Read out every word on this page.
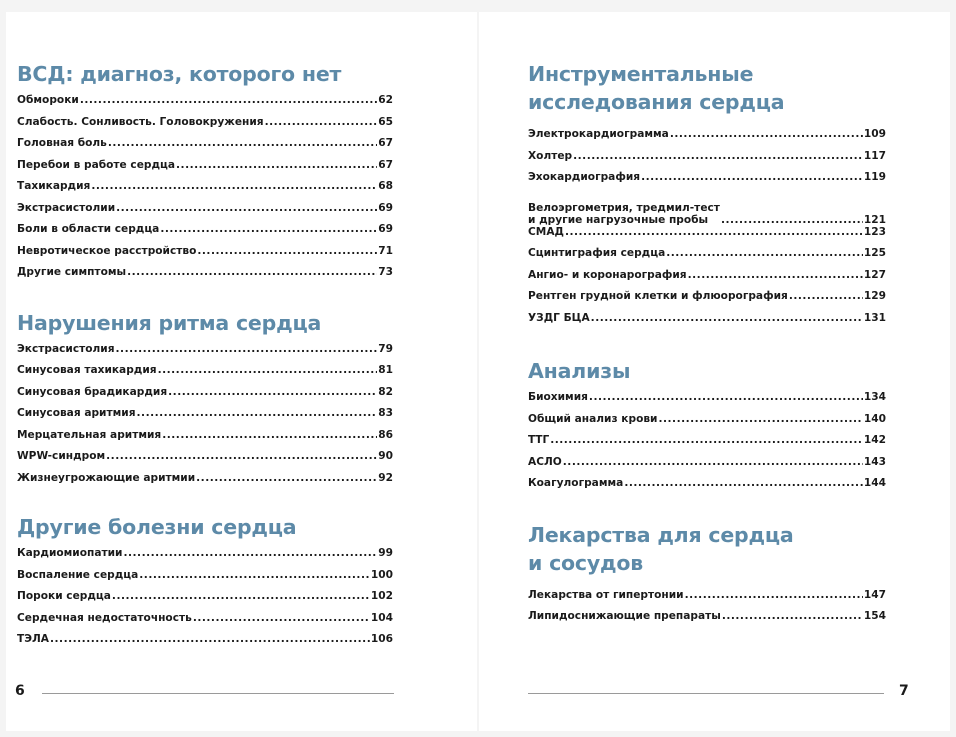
ВСД: диагноз, которого нет
Обмороки .....	62
Слабость. Сонливость. Головокружения .....	65
Головная боль .....	67
Перебои в работе сердца .....	67
Тахикардия .....	68
Экстрасистолии .....	69
Боли в области сердца .....	69
Невротическое расстройство .....	71
Другие симптомы .....	73
Нарушения ритма сердца
Экстрасистолия .....	79
Синусовая тахикардия .....	81
Синусовая брадикардия .....	82
Синусовая аритмия .....	83
Мерцательная аритмия .....	86
WPW-синдром .....	90
Жизнеугрожающие аритмии .....	92
Другие болезни сердца
Кардиомиопатии .....	99
Воспаление сердца .....	100
Пороки сердца .....	102
Сердечная недостаточность .....	104
ТЭЛА .....	106
6
Инструментальные
исследования сердца
Электрокардиограмма .....	109
Холтер .....	117
Эхокардиография .....	119
Велоэргометрия, тредмил-тест
и другие нагрузочные пробы .....	121
СМАД .....	123
Сцинтиграфия сердца .....	125
Ангио- и коронарография .....	127
Рентген грудной клетки и флюорография .....	129
УЗДГ БЦА .....	131
Анализы
Биохимия .....	134
Общий анализ крови .....	140
ТТГ .....	142
АСЛО .....	143
Коагулограмма .....	144
Лекарства для сердца
и сосудов
Лекарства от гипертонии .....	147
Липидоснижающие препараты .....	154
7
